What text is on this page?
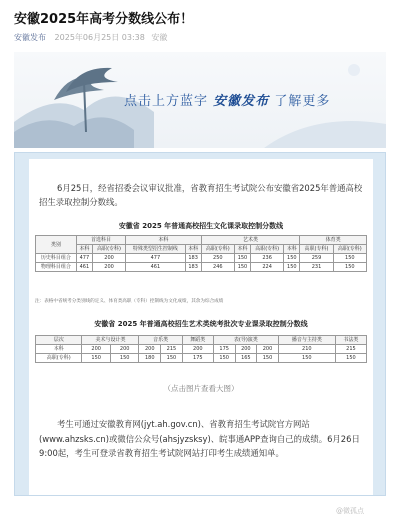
安徽2025年高考分数线公布！
安徽发布 2025年06月25日 03:38 安徽
点击上方蓝字 安徽发布 了解更多
6月25日，经省招委会议审议批准，省教育招生考试院公布安徽省2025年普通高校招生录取控制分数线。
安徽省 2025 年普通高校招生文化课录取控制分数线
类别	首选科目		本科		艺术类				体育类	
	本科	高职(专科)	特殊类型招生控制线	本科	高职(专科)	本科	高职(专科)	本科	高职(专科)	高职(专科)
历史科目组合	477	200	477	183	250	150	236	150	259	150
物理科目组合	461	200	461	183	246	150	224	150	231	150
注：表格中省统考分类别线的定义、体育类高职（专科）控制线为文化成绩，其余为综合成绩
安徽省 2025 年普通高校招生艺术类统考批次专业课录取控制分数线
层次	美术与设计类		音乐类		舞蹈类	表(导)演类			播音与主持类	书法类
本科	200	200	200	215	200	175	200	200	210	215
高职(专科)	150	150	180	150	175	150	165	150	150	150
（点击图片查看大图）
考生可通过安徽教育网(jyt.ah.gov.cn)、省教育招生考试院官方网站(www.ahzsks.cn)或微信公众号(ahsjyzsksy)、皖事通APP查询自己的成绩。6月26日9:00起，考生可登录省教育招生考试院网站打印考生成绩通知单。
@微孤点
